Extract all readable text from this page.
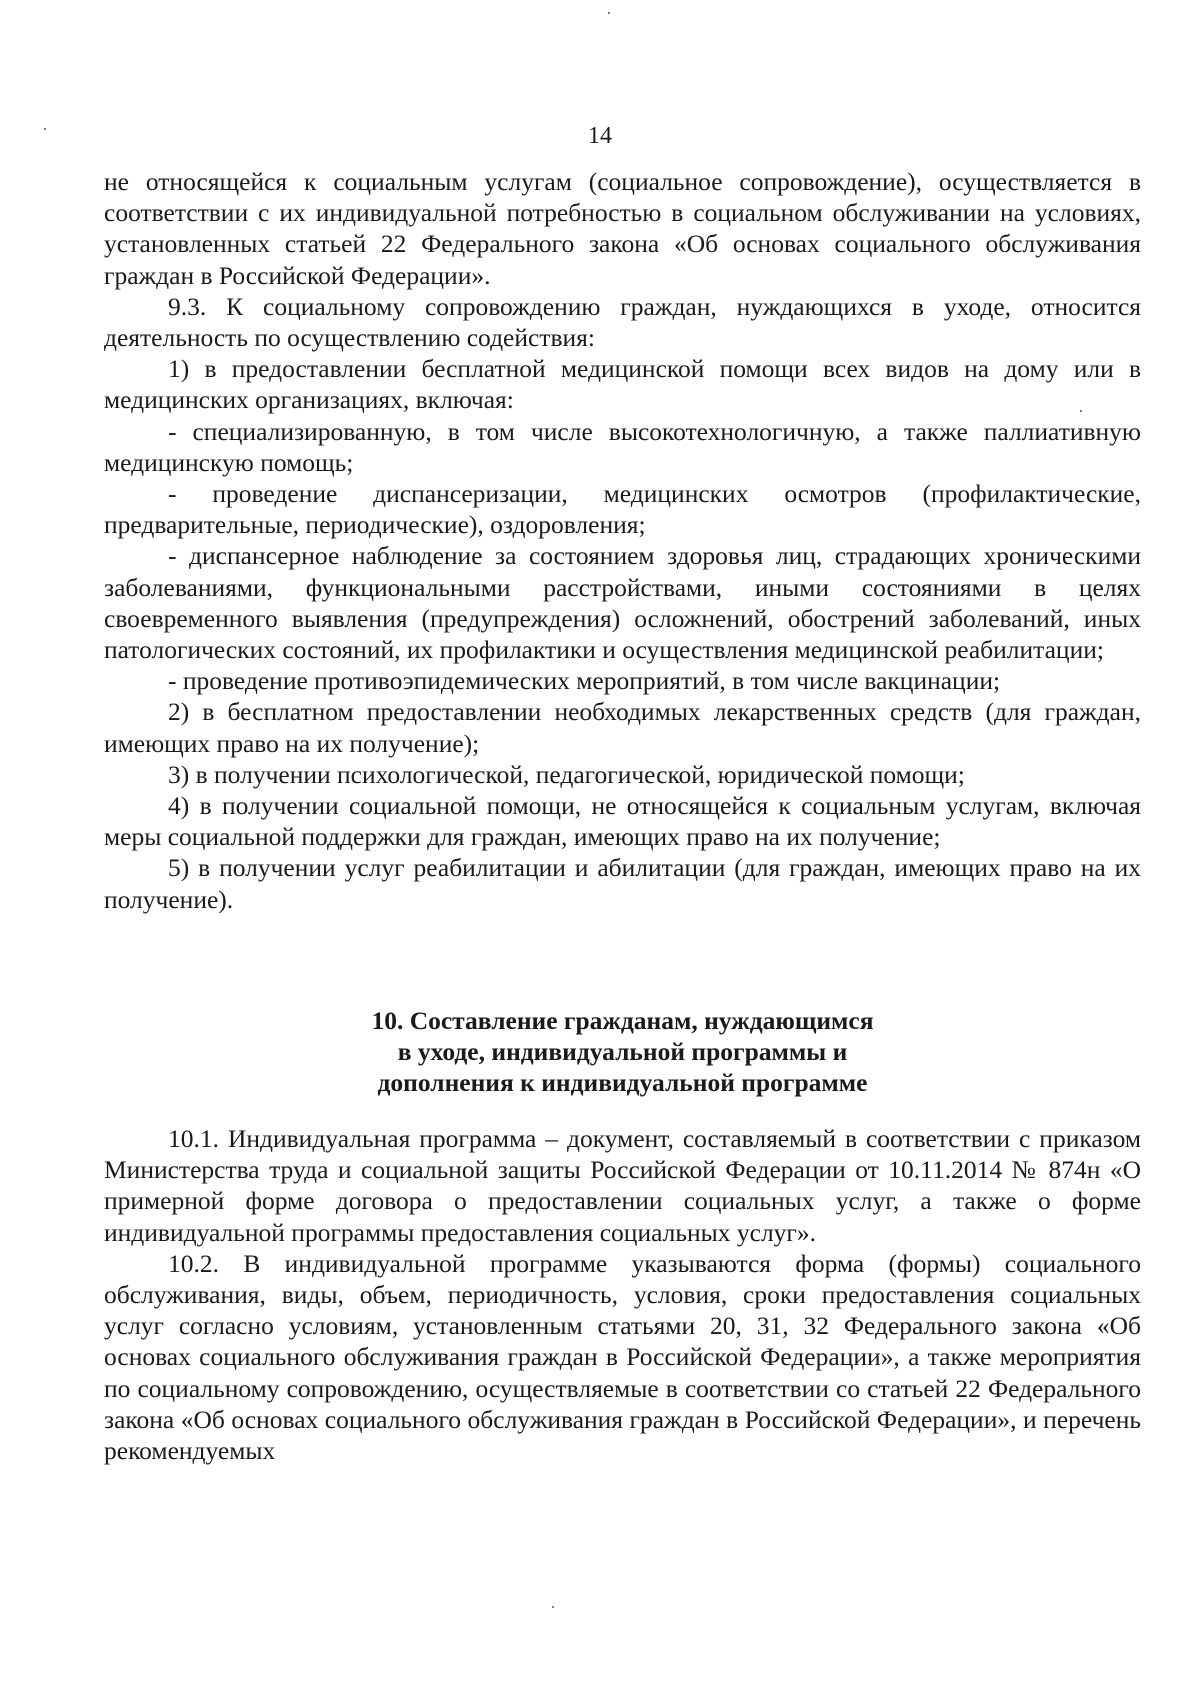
14

не относящейся к социальным услугам (социальное сопровождение), осуществляется в соответствии с их индивидуальной потребностью в социальном обслуживании на условиях, установленных статьей 22 Федерального закона «Об основах социального обслуживания граждан в Российской Федерации».

9.3. К социальному сопровождению граждан, нуждающихся в уходе, относится деятельность по осуществлению содействия:

1) в предоставлении бесплатной медицинской помощи всех видов на дому или в медицинских организациях, включая:

- специализированную, в том числе высокотехнологичную, а также паллиативную медицинскую помощь;

- проведение диспансеризации, медицинских осмотров (профилактические, предварительные, периодические), оздоровления;

- диспансерное наблюдение за состоянием здоровья лиц, страдающих хроническими заболеваниями, функциональными расстройствами, иными состояниями в целях своевременного выявления (предупреждения) осложнений, обострений заболеваний, иных патологических состояний, их профилактики и осуществления медицинской реабилитации;

- проведение противоэпидемических мероприятий, в том числе вакцинации;

2) в бесплатном предоставлении необходимых лекарственных средств (для граждан, имеющих право на их получение);

3) в получении психологической, педагогической, юридической помощи;

4) в получении социальной помощи, не относящейся к социальным услугам, включая меры социальной поддержки для граждан, имеющих право на их получение;

5) в получении услуг реабилитации и абилитации (для граждан, имеющих право на их получение).

10. Составление гражданам, нуждающимся
в уходе, индивидуальной программы и
дополнения к индивидуальной программе

10.1. Индивидуальная программа – документ, составляемый в соответствии с приказом Министерства труда и социальной защиты Российской Федерации от 10.11.2014 № 874н «О примерной форме договора о предоставлении социальных услуг, а также о форме индивидуальной программы предоставления социальных услуг».

10.2. В индивидуальной программе указываются форма (формы) социального обслуживания, виды, объем, периодичность, условия, сроки предоставления социальных услуг согласно условиям, установленным статьями 20, 31, 32 Федерального закона «Об основах социального обслуживания граждан в Российской Федерации», а также мероприятия по социальному сопровождению, осуществляемые в соответствии со статьей 22 Федерального закона «Об основах социального обслуживания граждан в Российской Федерации», и перечень рекомендуемых
